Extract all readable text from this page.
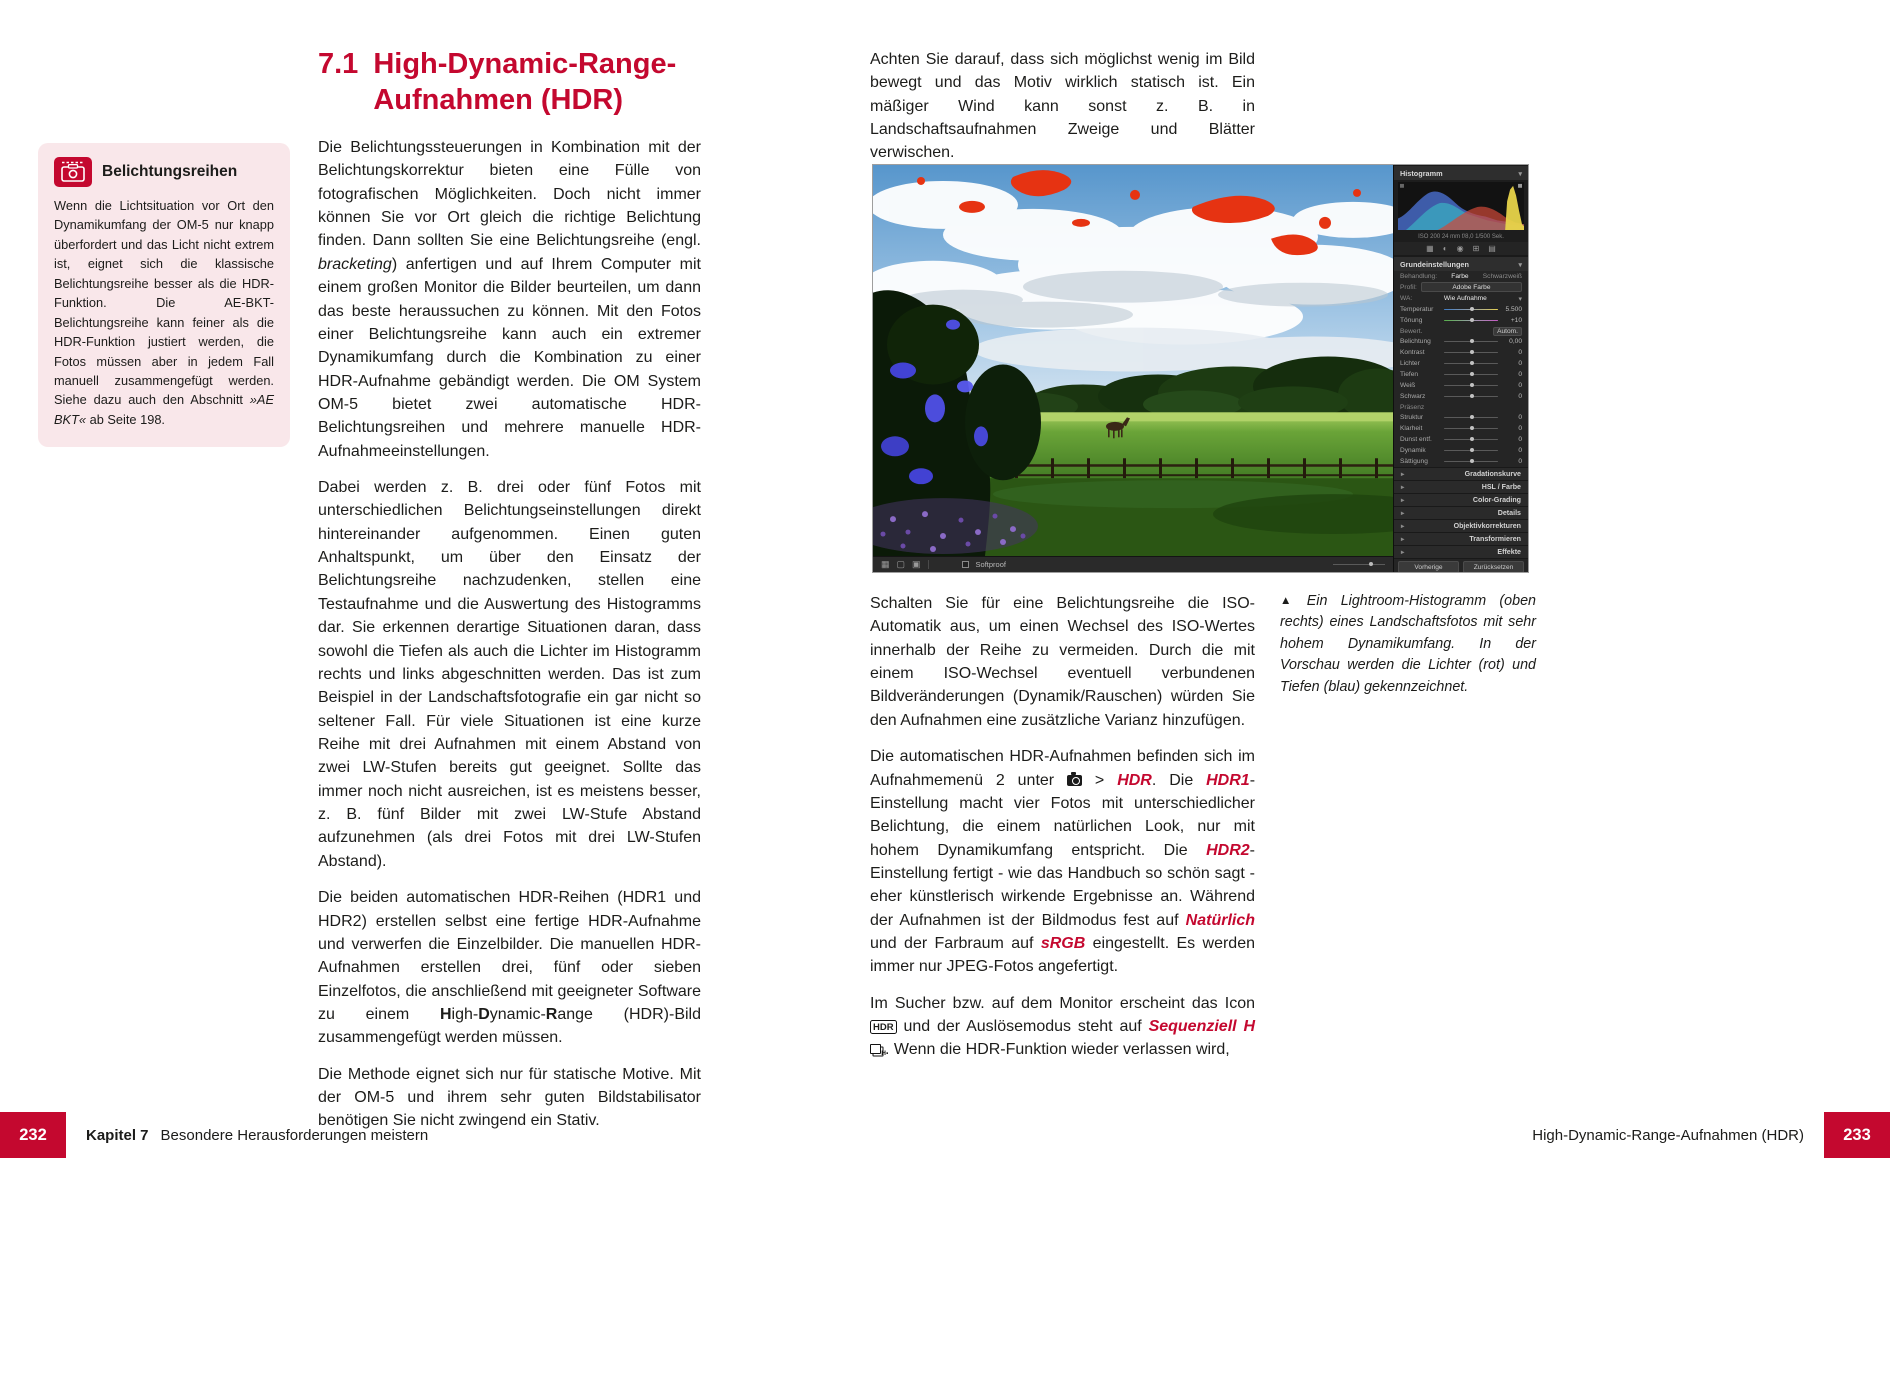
Belichtungsreihen

Wenn die Lichtsituation vor Ort den Dynamikumfang der OM-5 nur knapp überfordert und das Licht nicht extrem ist, eignet sich die klassische Belichtungsreihe besser als die HDR-Funktion. Die AE-BKT-Belichtungsreihe kann feiner als die HDR-Funktion justiert werden, die Fotos müssen aber in jedem Fall manuell zusammengefügt werden. Siehe dazu auch den Abschnitt »AE BKT« ab Seite 198.

7.1 High-Dynamic-Range-
Aufnahmen (HDR)

Die Belichtungssteuerungen in Kombination mit der Belichtungskorrektur bieten eine Fülle von fotografischen Möglichkeiten. Doch nicht immer können Sie vor Ort gleich die richtige Belichtung finden. Dann sollten Sie eine Belichtungsreihe (engl. bracketing) anfertigen und auf Ihrem Computer mit einem großen Monitor die Bilder beurteilen, um dann das beste heraussuchen zu können. Mit den Fotos einer Belichtungsreihe kann auch ein extremer Dynamikumfang durch die Kombination zu einer HDR-Aufnahme gebändigt werden. Die OM System OM-5 bietet zwei automatische HDR-Belichtungsreihen und mehrere manuelle HDR-Aufnahmeeinstellungen.

Dabei werden z. B. drei oder fünf Fotos mit unterschiedlichen Belichtungseinstellungen direkt hintereinander aufgenommen. Einen guten Anhaltspunkt, um über den Einsatz der Belichtungsreihe nachzudenken, stellen eine Testaufnahme und die Auswertung des Histogramms dar. Sie erkennen derartige Situationen daran, dass sowohl die Tiefen als auch die Lichter im Histogramm rechts und links abgeschnitten werden. Das ist zum Beispiel in der Landschaftsfotografie ein gar nicht so seltener Fall. Für viele Situationen ist eine kurze Reihe mit drei Aufnahmen mit einem Abstand von zwei LW-Stufen bereits gut geeignet. Sollte das immer noch nicht ausreichen, ist es meistens besser, z. B. fünf Bilder mit zwei LW-Stufe Abstand aufzunehmen (als drei Fotos mit drei LW-Stufen Abstand).

Die beiden automatischen HDR-Reihen (HDR1 und HDR2) erstellen selbst eine fertige HDR-Aufnahme und verwerfen die Einzelbilder. Die manuellen HDR-Aufnahmen erstellen drei, fünf oder sieben Einzelfotos, die anschließend mit geeigneter Software zu einem High-Dynamic-Range (HDR)-Bild zusammengefügt werden müssen.

Die Methode eignet sich nur für statische Motive. Mit der OM-5 und ihrem sehr guten Bildstabilisator benötigen Sie nicht zwingend ein Stativ.

Achten Sie darauf, dass sich möglichst wenig im Bild bewegt und das Motiv wirklich statisch ist. Ein mäßiger Wind kann sonst z. B. in Landschaftsaufnahmen Zweige und Blätter verwischen.

▦
▢
▣
Softproof
Histogramm
▾
ISO 200 24 mm f/8,0 1/500 Sek.
▦
◐
◉
⊞
▤
Grundeinstellungen
▾
Behandlung: Farbe Schwarzweiß
Profil:	Adobe Farbe
WA:	Wie Aufnahme
▾
Temperatur	5.500
Tönung	+10
Bewert.	Autom.
Belichtung	0,00
Kontrast	0
Lichter	0
Tiefen	0
Weiß	0
Schwarz	0
Präsenz
Struktur	0
Klarheit	0
Dunst entf.	0
Dynamik	0
Sättigung	0
▸
Gradationskurve
▸
HSL / Farbe
▸
Color-Grading
▸
Details
▸
Objektivkorrekturen
▸
Transformieren
▸
Effekte
Vorherige	Zurücksetzen
▲ Ein Lightroom-Histogramm (oben rechts) eines Landschaftsfotos mit sehr hohem Dynamikumfang. In der Vorschau werden die Lichter (rot) und Tiefen (blau) gekennzeichnet.

Schalten Sie für eine Belichtungsreihe die ISO-Automatik aus, um einen Wechsel des ISO-Wertes innerhalb der Reihe zu vermeiden. Durch die mit einem ISO-Wechsel eventuell verbundenen Bildveränderungen (Dynamik/Rauschen) würden Sie den Aufnahmen eine zusätzliche Varianz hinzufügen.

Die automatischen HDR-Aufnahmen befinden sich im Aufnahmemenü 2 unter  > HDR. Die HDR1-Einstellung macht vier Fotos mit unterschiedlicher Belichtung, die einem natürlichen Look, nur mit hohem Dynamikumfang entspricht. Die HDR2-Einstellung fertigt - wie das Handbuch so schön sagt - eher künstlerisch wirkende Ergebnisse an. Während der Aufnahmen ist der Bildmodus fest auf Natürlich und der Farbraum auf sRGB eingestellt. Es werden immer nur JPEG-Fotos angefertigt.

Im Sucher bzw. auf dem Monitor erscheint das Icon HDR und der Auslösemodus steht auf Sequenziell H H. Wenn die HDR-Funktion wieder verlassen wird,

232	Kapitel 7 Besondere Herausforderungen meistern	High-Dynamic-Range-Aufnahmen (HDR)	233
